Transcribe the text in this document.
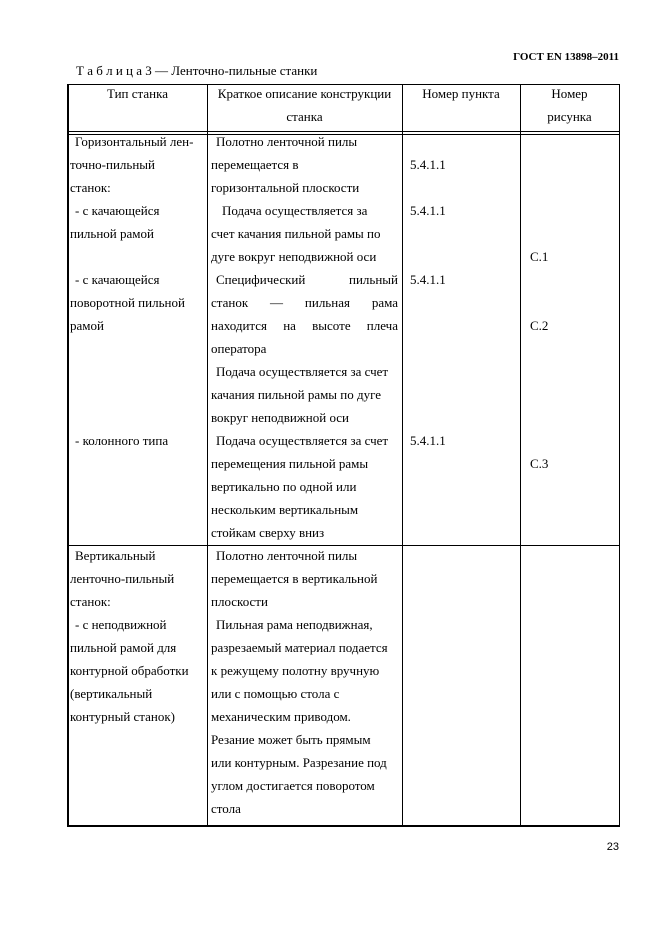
ГОСТ EN 13898–2011
Т а б л и ц а 3 — Ленточно-пильные станки
Тип станка	Краткое описание конструкции
станка
Номер пункта	Номер
рисунка
Горизонтальный лен-
точно-пильный
станок:
- с качающейся
пильной рамой
- с качающейся
поворотной пильной
рамой
- колонного типа
Полотно ленточной пилы
перемещается в
горизонтальной плоскости
Подача осуществляется за
счет качания пильной рамы по
дуге вокруг неподвижной оси
Специфический пильный
станок — пильная рама
находится на высоте плеча
оператора
Подача осуществляется за счет
качания пильной рамы по дуге
вокруг неподвижной оси
Подача осуществляется за счет
перемещения пильной рамы
вертикально по одной или
нескольким вертикальным
стойкам сверху вниз
5.4.1.1
5.4.1.1
5.4.1.1
5.4.1.1
С.1
С.2
С.3
Вертикальный
ленточно-пильный
станок:
- с неподвижной
пильной рамой для
контурной обработки
(вертикальный
контурный станок)
Полотно ленточной пилы
перемещается в вертикальной
плоскости
Пильная рама неподвижная,
разрезаемый материал подается
к режущему полотну вручную
или с помощью стола с
механическим приводом.
Резание может быть прямым
или контурным. Разрезание под
углом достигается поворотом
стола
23
